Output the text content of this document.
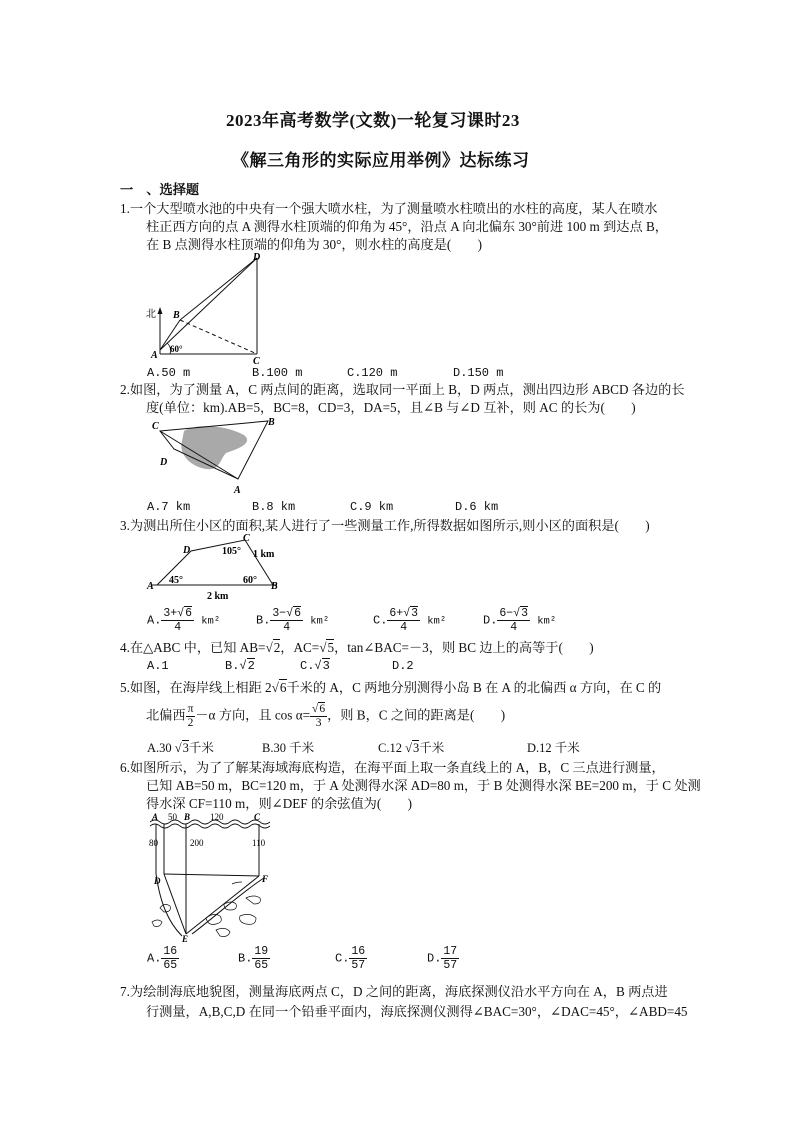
2023年高考数学(文数)一轮复习课时23
《解三角形的实际应用举例》达标练习
一　、选择题
1.一个大型喷水池的中央有一个强大喷水柱，为了测量喷水柱喷出的水柱的高度，某人在喷水
柱正西方向的点 A 测得水柱顶端的仰角为 45°，沿点 A 向北偏东 30°前进 100 m 到达点 B，
在 B 点测得水柱顶端的仰角为 30°，则水柱的高度是(　　)
D
B
北
A
60°
C
A.50 m	B.100 m	C.120 m	D.150 m
2.如图，为了测量 A，C 两点间的距离，选取同一平面上 B，D 两点，测出四边形 ABCD 各边的长
度(单位：km).AB=5，BC=8，CD=3，DA=5，且∠B 与∠D 互补，则 AC 的长为(　　)
C	B
D
A
A.7 km	B.8 km	C.9 km	D.6 km
3.为测出所住小区的面积,某人进行了一些测量工作,所得数据如图所示,则小区的面积是(　　)
C
D	105° 1 km
A
45°	60°
B
2 km
A. $\frac{3+√6}{4} km^2$	B. $\frac{3-√6}{4} km^2$	C. $\frac{6+√3}{4} km^2$	D. $\frac{6-√3}{4} km^2$
4.在△ABC 中，已知 AB=√2，AC=√5，tan∠BAC=－3，则 BC 边上的高等于(　　)
A.1	B.√2	C.√3	D.2
5.如图，在海岸线上相距 2√6千米的 A，C 两地分别测得小岛 B 在 A 的北偏西 α 方向，在 C 的
北偏西 $\frac{\pi}{2} -\alpha$ 方向，且 $\cos \alpha= \frac{√6}{3}$ ，则 B，C 之间的距离是(　　)
A.30 √3千米	B.30 千米	C.12 √3千米	D.12 千米
6.如图所示，为了了解某海域海底构造，在海平面上取一条直线上的 A，B，C 三点进行测量，
已知 AB=50 m，BC=120 m，于 A 处测得水深 AD=80 m，于 B 处测得水深 BE=200 m，于 C 处测
得水深 CF=110 m，则∠DEF 的余弦值为(　　)
A 50 B 120	C
80	200	110
D	F
E
A. $\frac{16}{65}$	B. $\frac{19}{65}$	C. $\frac{16}{57}$	D. $\frac{17}{57}$
7.为绘制海底地貌图，测量海底两点 C，D 之间的距离，海底探测仪沿水平方向在 A，B 两点进
行测量，A,B,C,D 在同一个铅垂平面内，海底探测仪测得∠BAC=30°，∠DAC=45°，∠ABD=45
